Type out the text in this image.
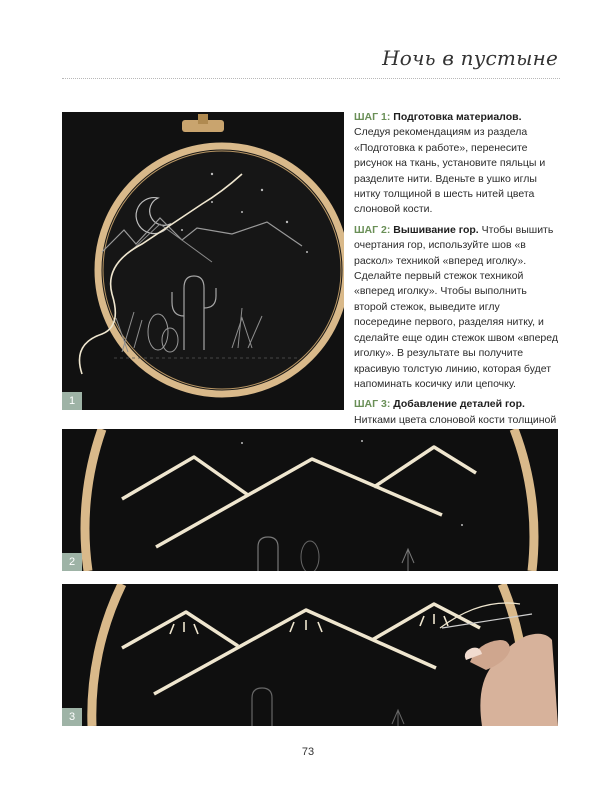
Ночь в пустыне
1

ШАГ 1: Подготовка материалов. Следуя рекомендациям из раздела «Подготовка к работе», перенесите рисунок на ткань, установите пяльцы и разделите нити. Вденьте в ушко иглы нитку толщиной в шесть нитей цвета слоновой кости.

ШАГ 2: Вышивание гор. Чтобы вышить очертания гор, используйте шов «в раскол» техникой «вперед иголку». Сделайте первый стежок техникой «вперед иголку». Чтобы выполнить второй стежок, выведите иглу посередине первого, разделяя нитку, и сделайте еще один стежок швом «вперед иголку». В результате вы получите красивую толстую линию, которая будет напоминать косичку или цепочку.

ШАГ 3: Добавление деталей гор. Нитками цвета слоновой кости толщиной

2
3
73
